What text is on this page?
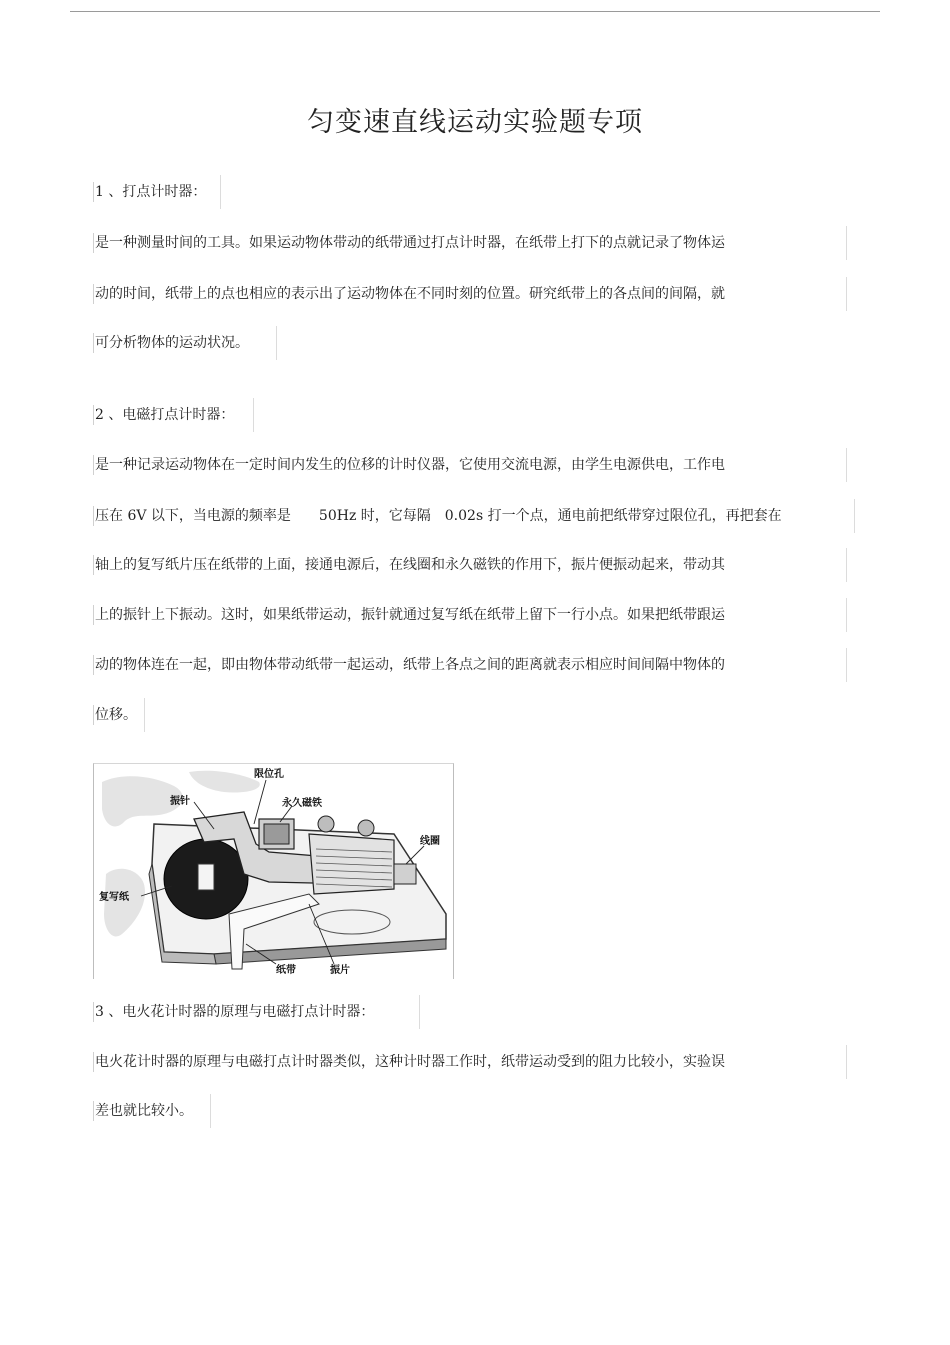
匀变速直线运动实验题专项
1 、打点计时器：
是一种测量时间的工具。如果运动物体带动的纸带通过打点计时器，在纸带上打下的点就记录了物体运
动的时间，纸带上的点也相应的表示出了运动物体在不同时刻的位置。研究纸带上的各点间的间隔，就
可分析物体的运动状况。
2 、电磁打点计时器：
是一种记录运动物体在一定时间内发生的位移的计时仪器，它使用交流电源，由学生电源供电，工作电
压在 6V 以下，当电源的频率是　　50Hz 时，它每隔　0.02s 打一个点，通电前把纸带穿过限位孔，再把套在
轴上的复写纸片压在纸带的上面，接通电源后，在线圈和永久磁铁的作用下，振片便振动起来，带动其
上的振针上下振动。这时，如果纸带运动，振针就通过复写纸在纸带上留下一行小点。如果把纸带跟运
动的物体连在一起，即由物体带动纸带一起运动，纸带上各点之间的距离就表示相应时间间隔中物体的
位移。
限位孔
振针	永久磁铁
线圈
复写纸
纸带	振片
3 、电火花计时器的原理与电磁打点计时器：
电火花计时器的原理与电磁打点计时器类似，这种计时器工作时，纸带运动受到的阻力比较小，实验误
差也就比较小。
